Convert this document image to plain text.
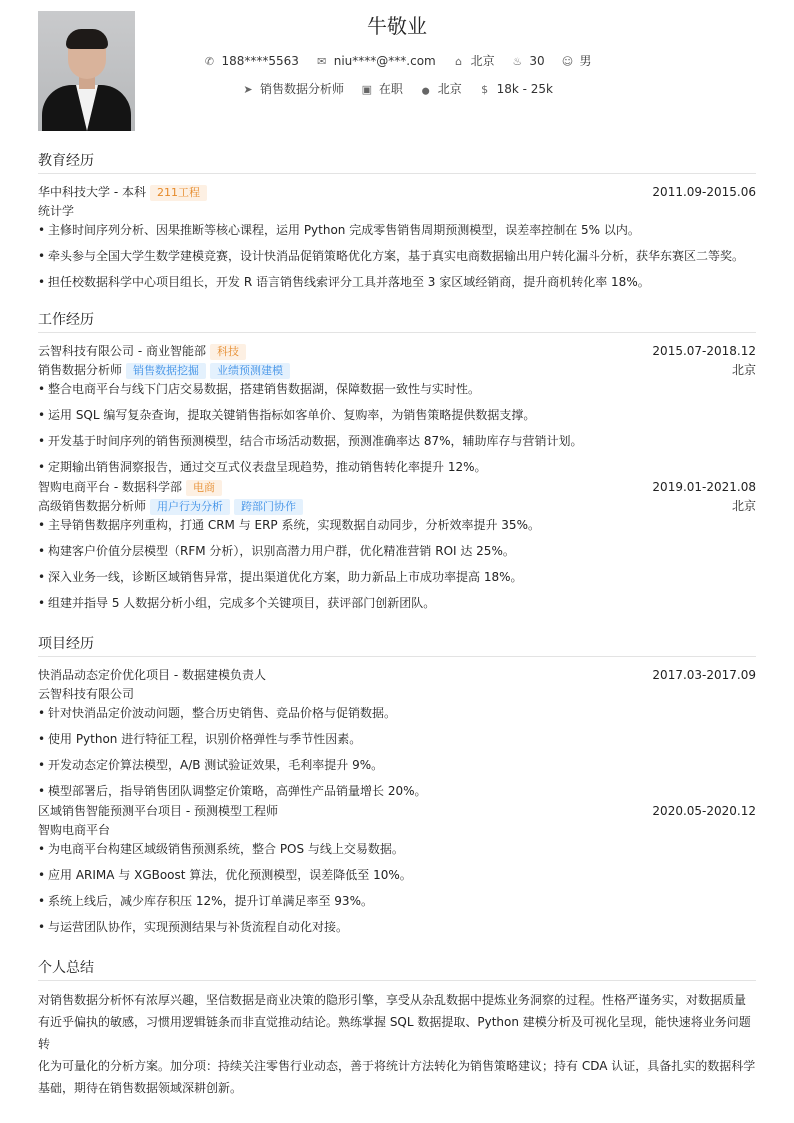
牛敬业
✆ 188****5563 ✉ niu****@***.com ⌂ 北京 ♨ 30 ☺ 男
➤ 销售数据分析师 ▣ 在职	⬤ 北京 $ 18k - 25k
教育经历
华中科技大学 - 本科 211工程	2011.09-2015.06
统计学
• 主修时间序列分析、因果推断等核心课程，运用 Python 完成零售销售周期预测模型，误差率控制在 5% 以内。
• 牵头参与全国大学生数学建模竞赛，设计快消品促销策略优化方案，基于真实电商数据输出用户转化漏斗分析，获华东赛区二等奖。
• 担任校数据科学中心项目组长，开发 R 语言销售线索评分工具并落地至 3 家区域经销商，提升商机转化率 18%。
工作经历
云智科技有限公司 - 商业智能部 科技	2015.07-2018.12
销售数据分析师 销售数据挖掘 业绩预测建模	北京
• 整合电商平台与线下门店交易数据，搭建销售数据湖，保障数据一致性与实时性。
• 运用 SQL 编写复杂查询，提取关键销售指标如客单价、复购率，为销售策略提供数据支撑。
• 开发基于时间序列的销售预测模型，结合市场活动数据，预测准确率达 87%，辅助库存与营销计划。
• 定期输出销售洞察报告，通过交互式仪表盘呈现趋势，推动销售转化率提升 12%。
智购电商平台 - 数据科学部 电商	2019.01-2021.08
高级销售数据分析师 用户行为分析 跨部门协作	北京
• 主导销售数据序列重构，打通 CRM 与 ERP 系统，实现数据自动同步，分析效率提升 35%。
• 构建客户价值分层模型（RFM 分析），识别高潜力用户群，优化精准营销 ROI 达 25%。
• 深入业务一线，诊断区域销售异常，提出渠道优化方案，助力新品上市成功率提高 18%。
• 组建并指导 5 人数据分析小组，完成多个关键项目，获评部门创新团队。
项目经历
快消品动态定价优化项目 - 数据建模负责人	2017.03-2017.09
云智科技有限公司
• 针对快消品定价波动问题，整合历史销售、竞品价格与促销数据。
• 使用 Python 进行特征工程，识别价格弹性与季节性因素。
• 开发动态定价算法模型，A/B 测试验证效果，毛利率提升 9%。
• 模型部署后，指导销售团队调整定价策略，高弹性产品销量增长 20%。
区域销售智能预测平台项目 - 预测模型工程师	2020.05-2020.12
智购电商平台
• 为电商平台构建区域级销售预测系统，整合 POS 与线上交易数据。
• 应用 ARIMA 与 XGBoost 算法，优化预测模型，误差降低至 10%。
• 系统上线后，减少库存积压 12%，提升订单满足率至 93%。
• 与运营团队协作，实现预测结果与补货流程自动化对接。
个人总结
对销售数据分析怀有浓厚兴趣，坚信数据是商业决策的隐形引擎，享受从杂乱数据中提炼业务洞察的过程。性格严谨务实，对数据质量
有近乎偏执的敏感，习惯用逻辑链条而非直觉推动结论。熟练掌握 SQL 数据提取、Python 建模分析及可视化呈现，能快速将业务问题转
化为可量化的分析方案。加分项：持续关注零售行业动态，善于将统计方法转化为销售策略建议；持有 CDA 认证，具备扎实的数据科学
基础，期待在销售数据领域深耕创新。
